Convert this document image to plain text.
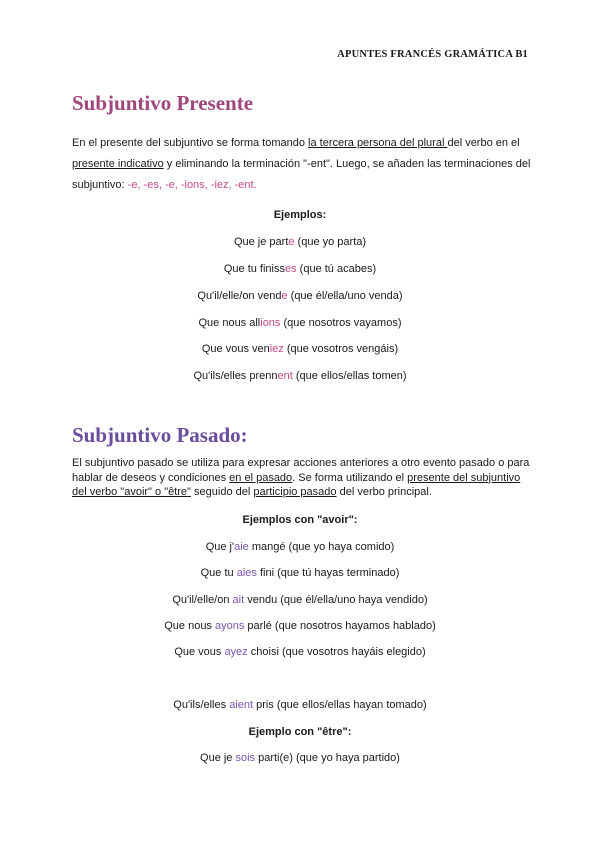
APUNTES FRANCÉS GRAMÁTICA B1
Subjuntivo Presente
En el presente del subjuntivo se forma tomando la tercera persona del plural del verbo en el presente indicativo y eliminando la terminación "-ent". Luego, se añaden las terminaciones del subjuntivo: -e, -es, -e, -ions, -iez, -ent.
Ejemplos:
Que je parte (que yo parta)
Que tu finisses (que tú acabes)
Qu'il/elle/on vende (que él/ella/uno venda)
Que nous allions (que nosotros vayamos)
Que vous veniez (que vosotros vengáis)
Qu'ils/elles prennent (que ellos/ellas tomen)
Subjuntivo Pasado:
El subjuntivo pasado se utiliza para expresar acciones anteriores a otro evento pasado o para hablar de deseos y condiciones en el pasado. Se forma utilizando el presente del subjuntivo del verbo "avoir" o "être" seguido del participio pasado del verbo principal.
Ejemplos con "avoir":
Que j'aie mangé (que yo haya comido)
Que tu aies fini (que tú hayas terminado)
Qu'il/elle/on ait vendu (que él/ella/uno haya vendido)
Que nous ayons parlé (que nosotros hayamos hablado)
Que vous ayez choisi (que vosotros hayáis elegido)
Qu'ils/elles aient pris (que ellos/ellas hayan tomado)
Ejemplo con "être":
Que je sois parti(e) (que yo haya partido)
